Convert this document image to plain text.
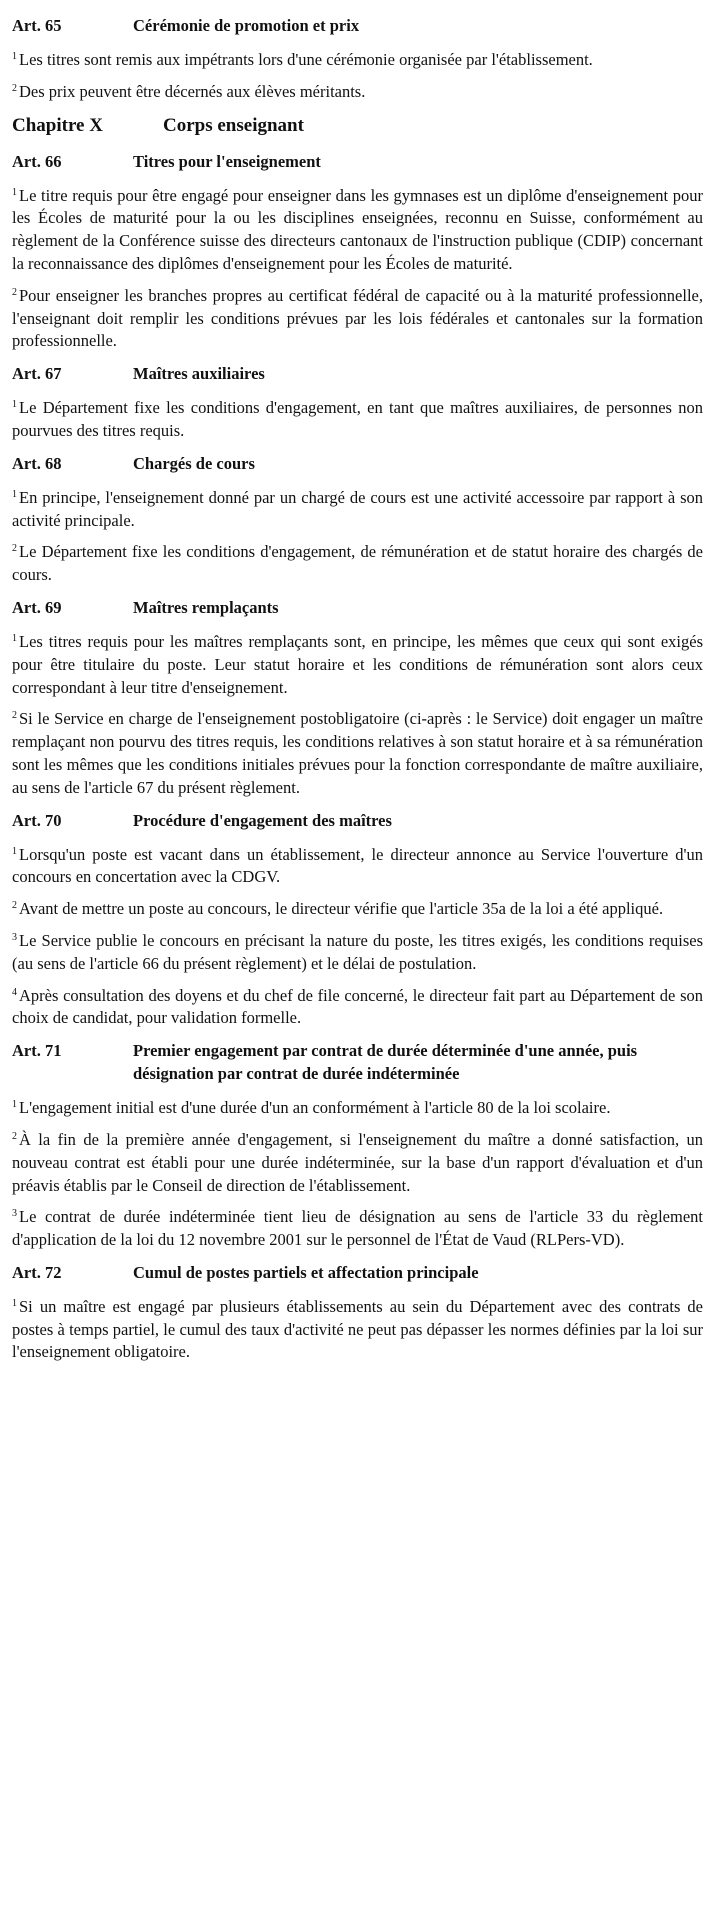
Art. 65	Cérémonie de promotion et prix

$^1$ Les titres sont remis aux impétrants lors d'une cérémonie organisée par l'établissement.

$^2$ Des prix peuvent être décernés aux élèves méritants.

Chapitre X	Corps enseignant
Art. 66	Titres pour l'enseignement

$^1$ Le titre requis pour être engagé pour enseigner dans les gymnases est un diplôme d'enseignement pour les Écoles de maturité pour la ou les disciplines enseignées, reconnu en Suisse, conformément au règlement de la Conférence suisse des directeurs cantonaux de l'instruction publique (CDIP) concernant la reconnaissance des diplômes d'enseignement pour les Écoles de maturité.

$^2$ Pour enseigner les branches propres au certificat fédéral de capacité ou à la maturité professionnelle, l'enseignant doit remplir les conditions prévues par les lois fédérales et cantonales sur la formation professionnelle.

Art. 67	Maîtres auxiliaires

$^1$ Le Département fixe les conditions d'engagement, en tant que maîtres auxiliaires, de personnes non pourvues des titres requis.

Art. 68	Chargés de cours

$^1$ En principe, l'enseignement donné par un chargé de cours est une activité accessoire par rapport à son activité principale.

$^2$ Le Département fixe les conditions d'engagement, de rémunération et de statut horaire des chargés de cours.

Art. 69	Maîtres remplaçants

$^1$ Les titres requis pour les maîtres remplaçants sont, en principe, les mêmes que ceux qui sont exigés pour être titulaire du poste. Leur statut horaire et les conditions de rémunération sont alors ceux correspondant à leur titre d'enseignement.

$^2$ Si le Service en charge de l'enseignement postobligatoire (ci-après : le Service) doit engager un maître remplaçant non pourvu des titres requis, les conditions relatives à son statut horaire et à sa rémunération sont les mêmes que les conditions initiales prévues pour la fonction correspondante de maître auxiliaire, au sens de l'article 67 du présent règlement.

Art. 70	Procédure d'engagement des maîtres

$^1$ Lorsqu'un poste est vacant dans un établissement, le directeur annonce au Service l'ouverture d'un concours en concertation avec la CDGV.

$^2$ Avant de mettre un poste au concours, le directeur vérifie que l'article 35a de la loi a été appliqué.

$^3$ Le Service publie le concours en précisant la nature du poste, les titres exigés, les conditions requises (au sens de l'article 66 du présent règlement) et le délai de postulation.

$^4$ Après consultation des doyens et du chef de file concerné, le directeur fait part au Département de son choix de candidat, pour validation formelle.

Art. 71	Premier engagement par contrat de durée déterminée d'une année, puis désignation par contrat de durée indéterminée

$^1$ L'engagement initial est d'une durée d'un an conformément à l'article 80 de la loi scolaire.

$^2$ À la fin de la première année d'engagement, si l'enseignement du maître a donné satisfaction, un nouveau contrat est établi pour une durée indéterminée, sur la base d'un rapport d'évaluation et d'un préavis établis par le Conseil de direction de l'établissement.

$^3$ Le contrat de durée indéterminée tient lieu de désignation au sens de l'article 33 du règlement d'application de la loi du 12 novembre 2001 sur le personnel de l'État de Vaud (RLPers-VD).

Art. 72	Cumul de postes partiels et affectation principale

$^1$ Si un maître est engagé par plusieurs établissements au sein du Département avec des contrats de postes à temps partiel, le cumul des taux d'activité ne peut pas dépasser les normes définies par la loi sur l'enseignement obligatoire.
